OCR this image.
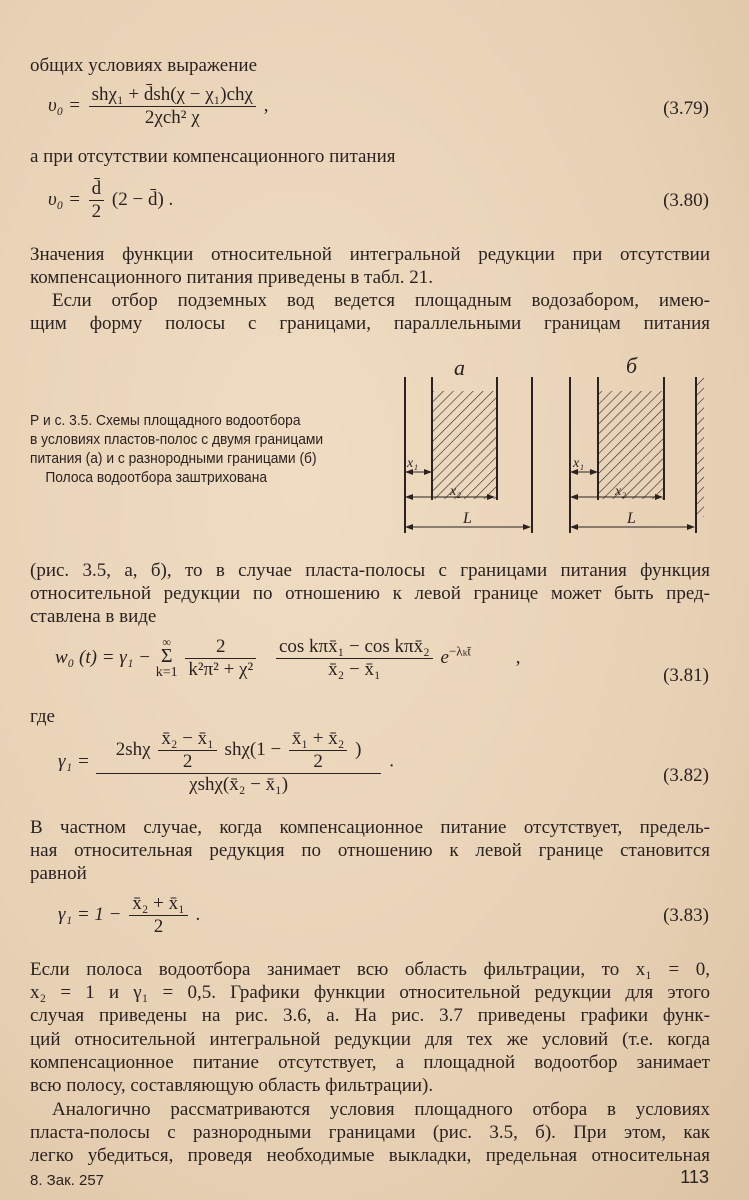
общих условиях выражение
$\upsilon_0 = \frac{\text{shχ₁ + d̄sh(χ − χ₁)chχ}}{\text{2χch² χ}}$ ,	(3.79)
а при отсутствии компенсационного питания
$\upsilon_0 = \frac{d̄}{2} (2$ − d̄) .	(3.80)
Значения функции относительной интегральной редукции при отсутствии
компенсационного питания приведены в табл. 21.
Если отбор подземных вод ведется площадным водозабором, имею-
щим форму полосы с границами, параллельными границам питания
Р и с. 3.5. Схемы площадного водоотбора
в условиях пластов-полос с двумя границами
питания (а) и с разнородными границами (б)
Полоса водоотбора заштрихована
а	б
x₁	x₁
x₂	x₂
L	L
(рис. 3.5, а, б), то в случае пласта-полосы с границами питания функция
относительной редукции по отношению к левой границе может быть пред-
ставлена в виде
w₀ (t) = γ₁ −
∞
Σ
k=1
$\frac{2}{\text{k²π² + χ²}}$
$\frac{\text{cos kπx̄₁ − cos kπx̄₂}}{\text{x̄₂ − x̄₁}} e^{-\lambda_kt̄}$ ,
(3.81)
где
$\gamma_1 = \frac{2sh\chi \frac{\text{x̄₂ − x̄₁}}{2} sh\chi(1 - \frac{\text{x̄₁ + x̄₂}}{2} )}{\text{χshχ(x̄₂ − x̄₁)}}$ .
(3.82)
В частном случае, когда компенсационное питание отсутствует, предель-
ная относительная редукция по отношению к левой границе становится
равной
$\gamma_1 = 1 - \frac{\text{x̄₂ + x̄₁}}{2}$ .	(3.83)
Если полоса водоотбора занимает всю область фильтрации, то x₁ = 0,
x₂ = 1 и γ₁ = 0,5. Графики функции относительной редукции для этого
случая приведены на рис. 3.6, а. На рис. 3.7 приведены графики функ-
ций относительной интегральной редукции для тех же условий (т.е. когда
компенсационное питание отсутствует, а площадной водоотбор занимает
всю полосу, составляющую область фильтрации).
Аналогично рассматриваются условия площадного отбора в условиях
пласта-полосы с разнородными границами (рис. 3.5, б). При этом, как
легко убедиться, проведя необходимые выкладки, предельная относительная
8. Зак. 257	113
